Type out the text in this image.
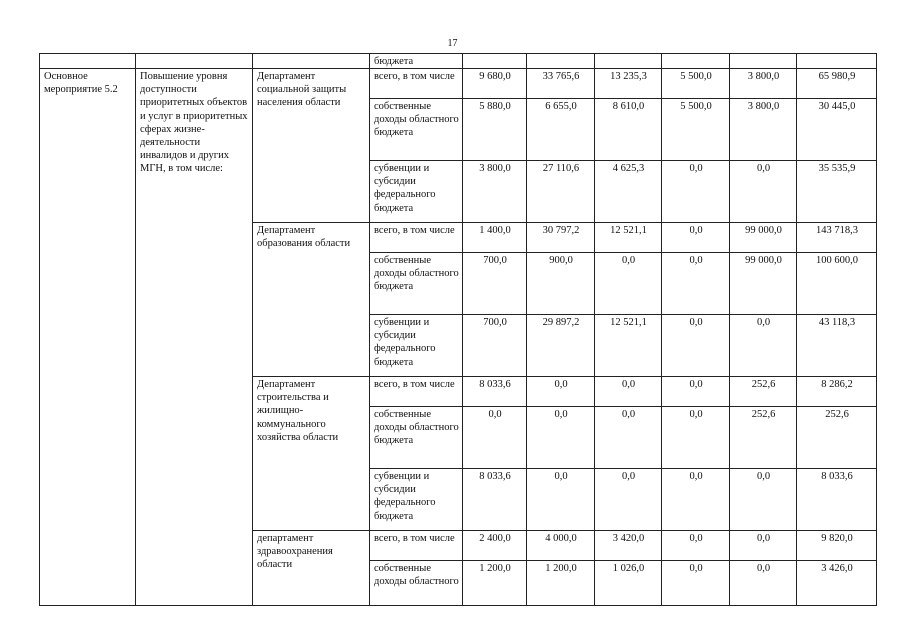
17
			бюджета						
Основное мероприятие 5.2	Повышение уровня доступности приоритетных объектов и услуг в приоритетных сферах жизне-деятельности инвалидов и других МГН, в том числе:	Департамент социальной защиты населения области	всего, в том числе	9 680,0	33 765,6	13 235,3	5 500,0	3 800,0	65 980,9
			собственные доходы областного бюджета	5 880,0	6 655,0	8 610,0	5 500,0	3 800,0	30 445,0
			субвенции и субсидии федерального бюджета	3 800,0	27 110,6	4 625,3	0,0	0,0	35 535,9
		Департамент образования области	всего, в том числе	1 400,0	30 797,2	12 521,1	0,0	99 000,0	143 718,3
			собственные доходы областного бюджета	700,0	900,0	0,0	0,0	99 000,0	100 600,0
			субвенции и субсидии федерального бюджета	700,0	29 897,2	12 521,1	0,0	0,0	43 118,3
		Департамент строительства и жилищно-коммунального хозяйства области	всего, в том числе	8 033,6	0,0	0,0	0,0	252,6	8 286,2
			собственные доходы областного бюджета	0,0	0,0	0,0	0,0	252,6	252,6
			субвенции и субсидии федерального бюджета	8 033,6	0,0	0,0	0,0	0,0	8 033,6
		департамент здравоохранения области	всего, в том числе	2 400,0	4 000,0	3 420,0	0,0	0,0	9 820,0
			собственные доходы областного	1 200,0	1 200,0	1 026,0	0,0	0,0	3 426,0
